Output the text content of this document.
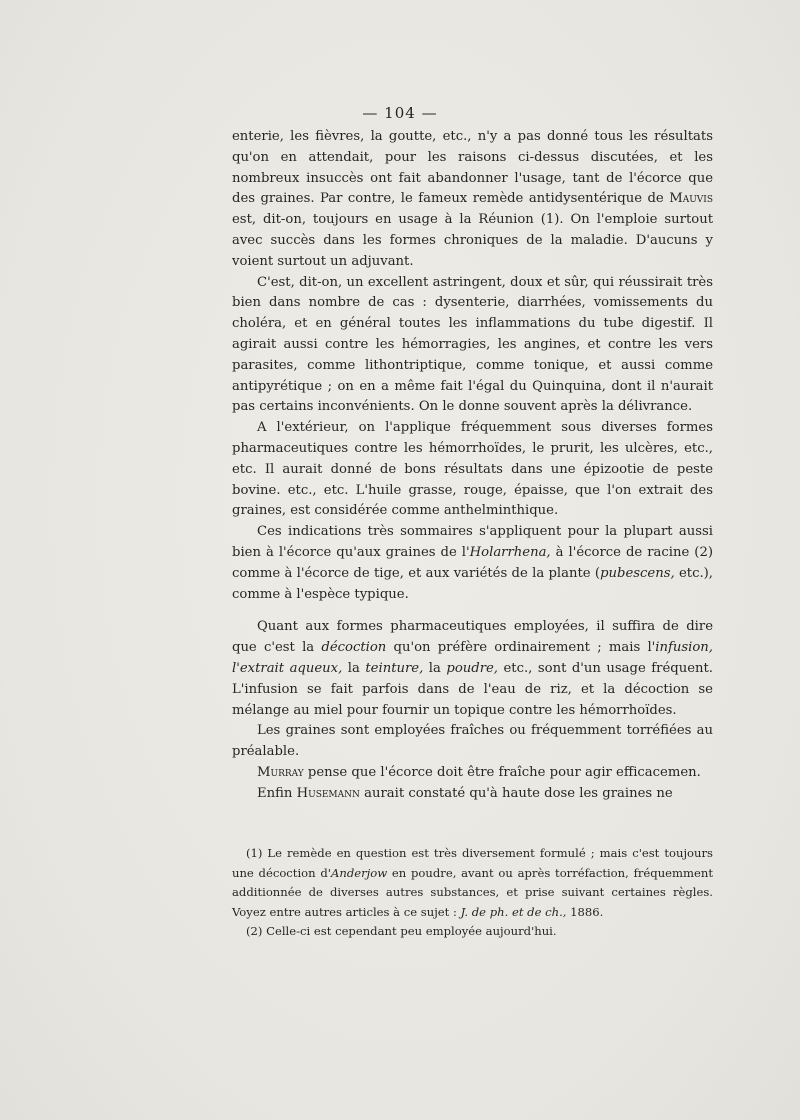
— 104 —

enterie, les fièvres, la goutte, etc., n'y a pas donné tous les résultats qu'on en attendait, pour les raisons ci-dessus discutées, et les nombreux insuccès ont fait abandonner l'usage, tant de l'écorce que des graines. Par contre, le fameux remède antidysentérique de Mauvis est, dit-on, toujours en usage à la Réunion (1). On l'emploie surtout avec succès dans les formes chroniques de la maladie. D'aucuns y voient surtout un adjuvant.

C'est, dit-on, un excellent astringent, doux et sûr, qui réussirait très bien dans nombre de cas : dysenterie, diarrhées, vomissements du choléra, et en général toutes les inflammations du tube digestif. Il agirait aussi contre les hémorragies, les angines, et contre les vers parasites, comme lithontriptique, comme tonique, et aussi comme antipyrétique ; on en a même fait l'égal du Quinquina, dont il n'aurait pas certains inconvénients. On le donne souvent après la délivrance.

A l'extérieur, on l'applique fréquemment sous diverses formes pharmaceutiques contre les hémorrhoïdes, le prurit, les ulcères, etc., etc. Il aurait donné de bons résultats dans une épizootie de peste bovine. etc., etc. L'huile grasse, rouge, épaisse, que l'on extrait des graines, est considérée comme anthelminthique.

Ces indications très sommaires s'appliquent pour la plupart aussi bien à l'écorce qu'aux graines de l'Holarrhena, à l'écorce de racine (2) comme à l'écorce de tige, et aux variétés de la plante (pubescens, etc.), comme à l'espèce typique.

Quant aux formes pharmaceutiques employées, il suffira de dire que c'est la décoction qu'on préfère ordinairement ; mais l'infusion, l'extrait aqueux, la teinture, la poudre, etc., sont d'un usage fréquent. L'infusion se fait parfois dans de l'eau de riz, et la décoction se mélange au miel pour fournir un topique contre les hémorrhoïdes.

Les graines sont employées fraîches ou fréquemment torréfiées au préalable.

Murray pense que l'écorce doit être fraîche pour agir efficacemen.

Enfin Husemann aurait constaté qu'à haute dose les graines ne

(1) Le remède en question est très diversement formulé ; mais c'est toujours une décoction d'Anderjow en poudre, avant ou après torréfaction, fréquemment additionnée de diverses autres substances, et prise suivant certaines règles. Voyez entre autres articles à ce sujet : J. de ph. et de ch., 1886.

(2) Celle-ci est cependant peu employée aujourd'hui.
